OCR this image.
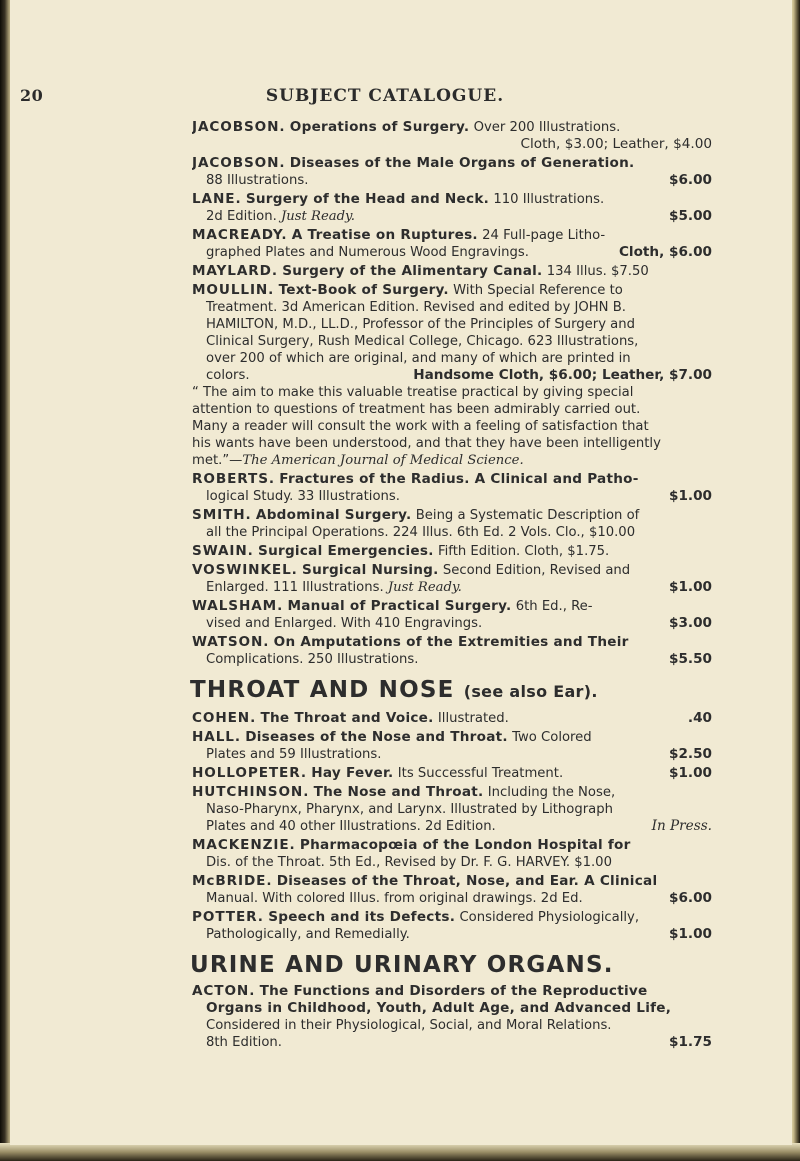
20	SUBJECT CATALOGUE.
JACOBSON. Operations of Surgery. Over 200 Illustrations.
Cloth, $3.00; Leather, $4.00
JACOBSON. Diseases of the Male Organs of Generation.
88 Illustrations.	$6.00
LANE. Surgery of the Head and Neck. 110 Illustrations.
2d Edition. Just Ready.	$5.00
MACREADY. A Treatise on Ruptures. 24 Full-page Litho-
graphed Plates and Numerous Wood Engravings.	Cloth, $6.00
MAYLARD. Surgery of the Alimentary Canal. 134 Illus. $7.50
MOULLIN. Text-Book of Surgery. With Special Reference to
Treatment. 3d American Edition. Revised and edited by JOHN B.
HAMILTON, M.D., LL.D., Professor of the Principles of Surgery and
Clinical Surgery, Rush Medical College, Chicago. 623 Illustrations,
over 200 of which are original, and many of which are printed in
colors.	Handsome Cloth, $6.00; Leather, $7.00
“ The aim to make this valuable treatise practical by giving special
attention to questions of treatment has been admirably carried out.
Many a reader will consult the work with a feeling of satisfaction that
his wants have been understood, and that they have been intelligently
met.”—The American Journal of Medical Science.
ROBERTS. Fractures of the Radius. A Clinical and Patho-
logical Study. 33 Illustrations.	$1.00
SMITH. Abdominal Surgery. Being a Systematic Description of
all the Principal Operations. 224 Illus. 6th Ed. 2 Vols. Clo., $10.00
SWAIN. Surgical Emergencies. Fifth Edition. Cloth, $1.75.
VOSWINKEL. Surgical Nursing. Second Edition, Revised and
Enlarged. 111 Illustrations. Just Ready.	$1.00
WALSHAM. Manual of Practical Surgery. 6th Ed., Re-
vised and Enlarged. With 410 Engravings.	$3.00
WATSON. On Amputations of the Extremities and Their
Complications. 250 Illustrations.	$5.50
THROAT AND NOSE (see also Ear).
COHEN. The Throat and Voice. Illustrated.	.40
HALL. Diseases of the Nose and Throat. Two Colored
Plates and 59 Illustrations.	$2.50
HOLLOPETER. Hay Fever. Its Successful Treatment.	$1.00
HUTCHINSON. The Nose and Throat. Including the Nose,
Naso-Pharynx, Pharynx, and Larynx. Illustrated by Lithograph
Plates and 40 other Illustrations. 2d Edition.	In Press.
MACKENZIE. Pharmacopœia of the London Hospital for
Dis. of the Throat. 5th Ed., Revised by Dr. F. G. HARVEY. $1.00
McBRIDE. Diseases of the Throat, Nose, and Ear. A Clinical
Manual. With colored Illus. from original drawings. 2d Ed.	$6.00
POTTER. Speech and its Defects. Considered Physiologically,
Pathologically, and Remedially.	$1.00
URINE AND URINARY ORGANS.
ACTON. The Functions and Disorders of the Reproductive
Organs in Childhood, Youth, Adult Age, and Advanced Life,
Considered in their Physiological, Social, and Moral Relations.
8th Edition.	$1.75
